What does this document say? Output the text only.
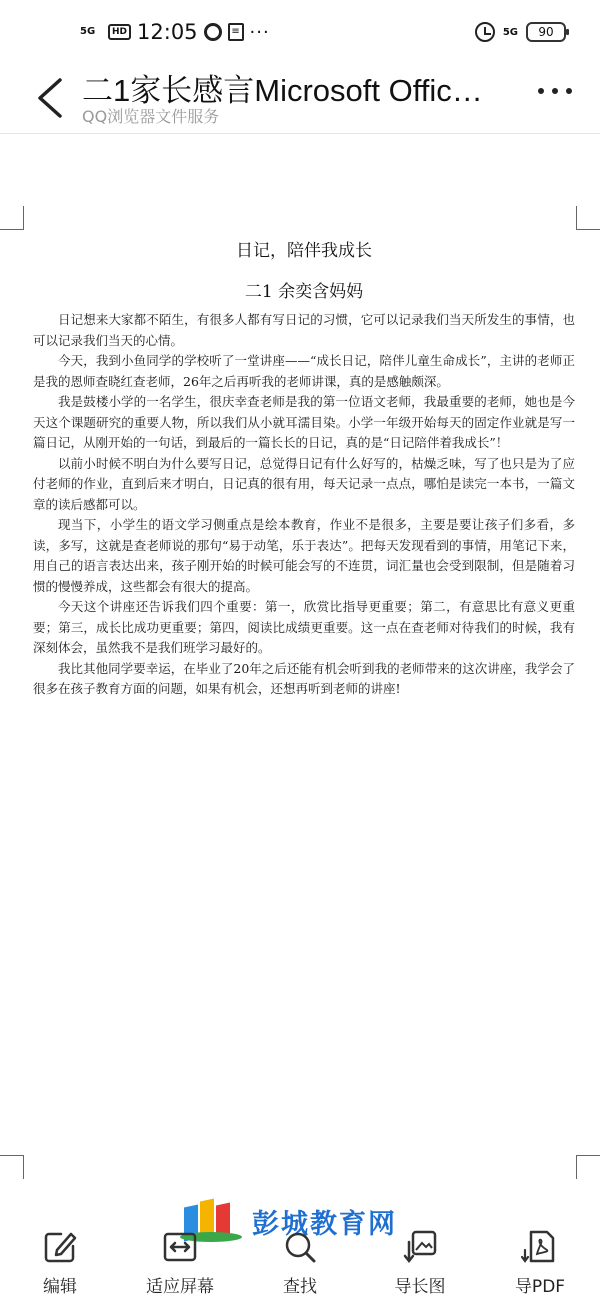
5G	HD 12:05	≡ ···	5G	90
二1家长感言Microsoft Offic…
QQ浏览器文件服务
日记，陪伴我成长
二1 余奕含妈妈

日记想来大家都不陌生，有很多人都有写日记的习惯，它可以记录我们当天所发生的事情，也可以记录我们当天的心情。

今天，我到小鱼同学的学校听了一堂讲座——“成长日记，陪伴儿童生命成长”，主讲的老师正是我的恩师查晓红查老师，26年之后再听我的老师讲课，真的是感触颇深。

我是鼓楼小学的一名学生，很庆幸查老师是我的第一位语文老师，我最重要的老师，她也是今天这个课题研究的重要人物，所以我们从小就耳濡目染。小学一年级开始每天的固定作业就是写一篇日记，从刚开始的一句话，到最后的一篇长长的日记，真的是“日记陪伴着我成长”！

以前小时候不明白为什么要写日记，总觉得日记有什么好写的，枯燥乏味，写了也只是为了应付老师的作业，直到后来才明白，日记真的很有用，每天记录一点点，哪怕是读完一本书，一篇文章的读后感都可以。

现当下，小学生的语文学习侧重点是绘本教育，作业不是很多，主要是要让孩子们多看，多读，多写，这就是查老师说的那句“易于动笔，乐于表达”。把每天发现看到的事情，用笔记下来，用自己的语言表达出来，孩子刚开始的时候可能会写的不连贯，词汇量也会受到限制，但是随着习惯的慢慢养成，这些都会有很大的提高。

今天这个讲座还告诉我们四个重要：第一，欣赏比指导更重要；第二，有意思比有意义更重要；第三，成长比成功更重要；第四，阅读比成绩更重要。这一点在查老师对待我们的时候，我有深刻体会，虽然我不是我们班学习最好的。

我比其他同学要幸运，在毕业了20年之后还能有机会听到我的老师带来的这次讲座，我学会了很多在孩子教育方面的问题，如果有机会，还想再听到老师的讲座!

彭城教育网
编辑	适应屏幕	查找	导长图	导PDF
